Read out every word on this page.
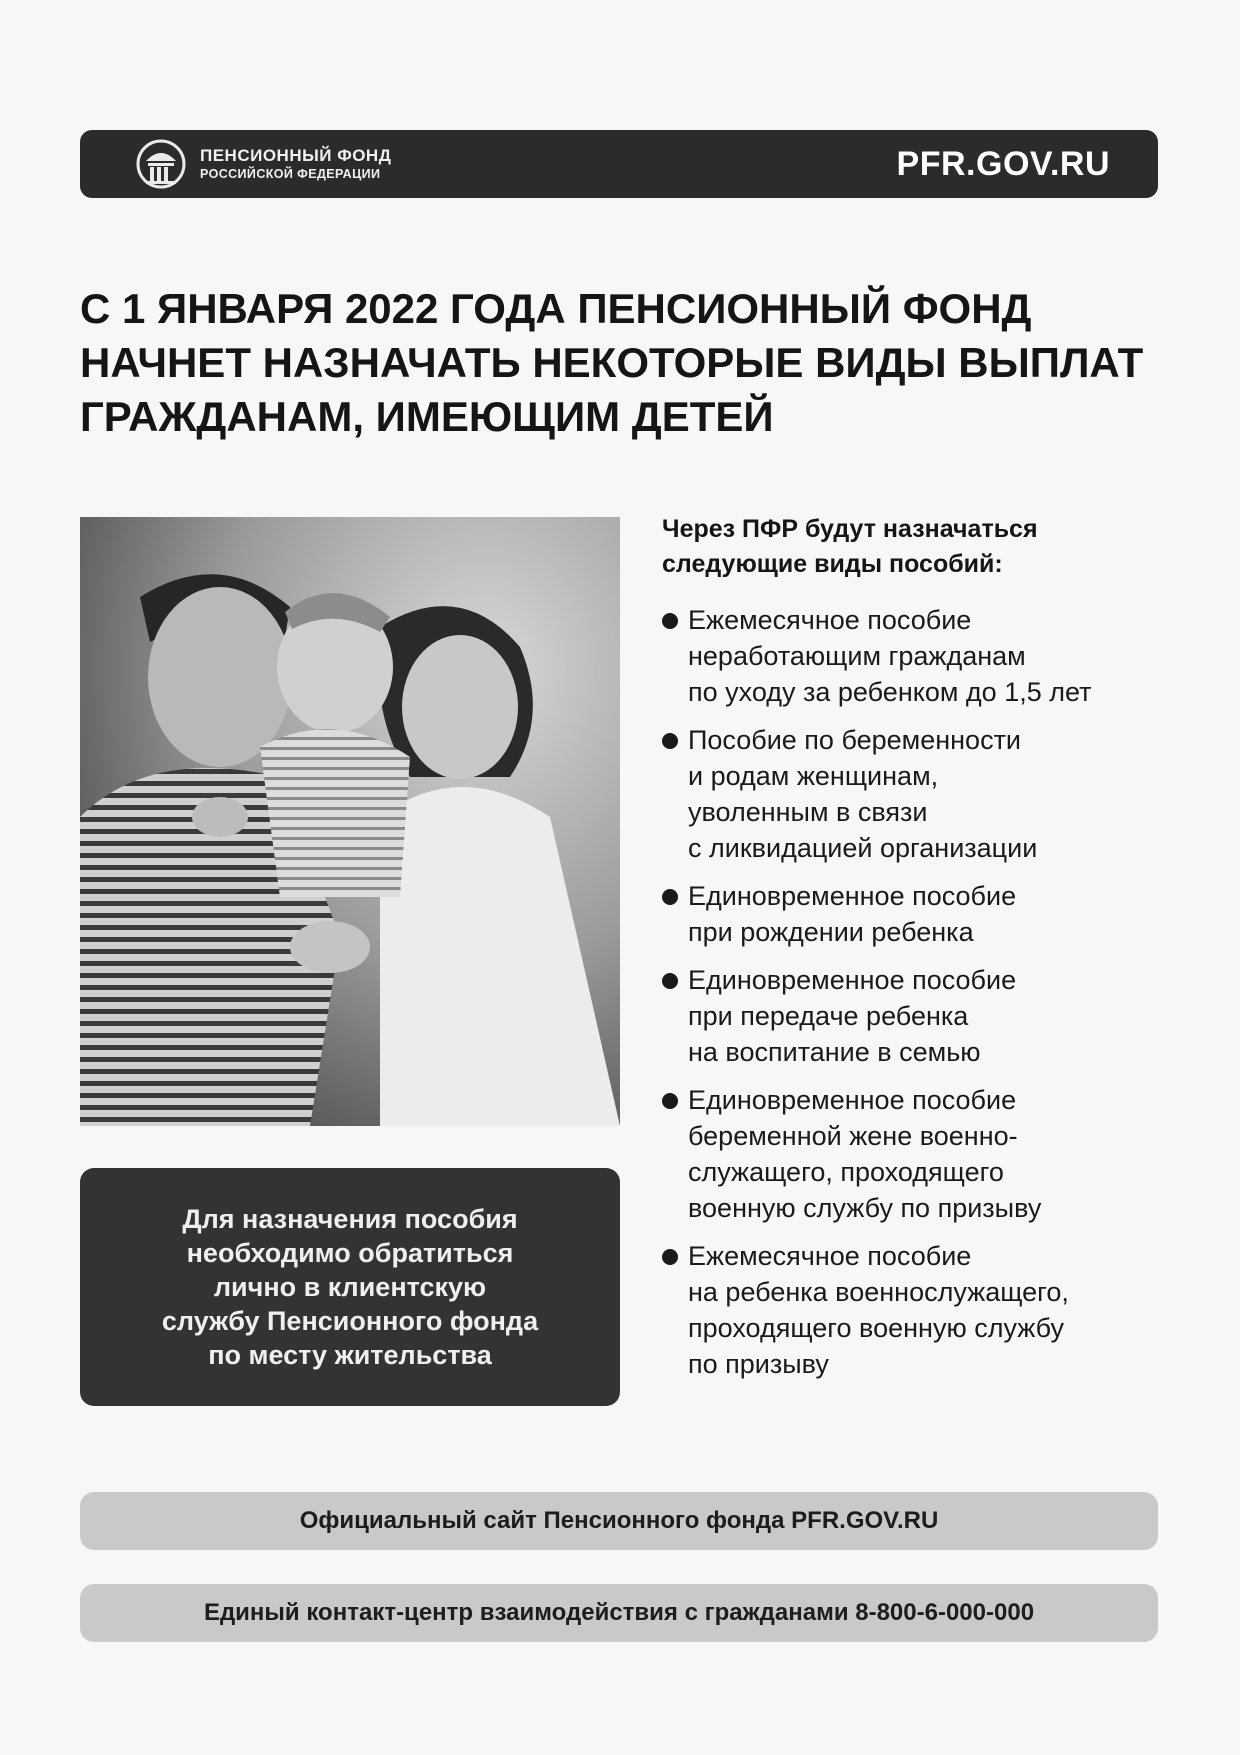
ПЕНСИОННЫЙ ФОНД
РОССИЙСКОЙ ФЕДЕРАЦИИ	PFR.GOV.RU
С 1 ЯНВАРЯ 2022 ГОДА ПЕНСИОННЫЙ ФОНД
НАЧНЕТ НАЗНАЧАТЬ НЕКОТОРЫЕ ВИДЫ ВЫПЛАТ
ГРАЖДАНАМ, ИМЕЮЩИМ ДЕТЕЙ
Для назначения пособия
необходимо обратиться
лично в клиентскую
службу Пенсионного фонда
по месту жительства

Через ПФР будут назначаться
следующие виды пособий:

Ежемесячное пособие
неработающим гражданам
по уходу за ребенком до 1,5 лет
Пособие по беременности
и родам женщинам,
уволенным в связи
с ликвидацией организации
Единовременное пособие
при рождении ребенка
Единовременное пособие
при передаче ребенка
на воспитание в семью
Единовременное пособие
беременной жене военно-
служащего, проходящего
военную службу по призыву
Ежемесячное пособие
на ребенка военнослужащего,
проходящего военную службу
по призыву
Официальный сайт Пенсионного фонда PFR.GOV.RU
Единый контакт-центр взаимодействия с гражданами 8-800-6-000-000
